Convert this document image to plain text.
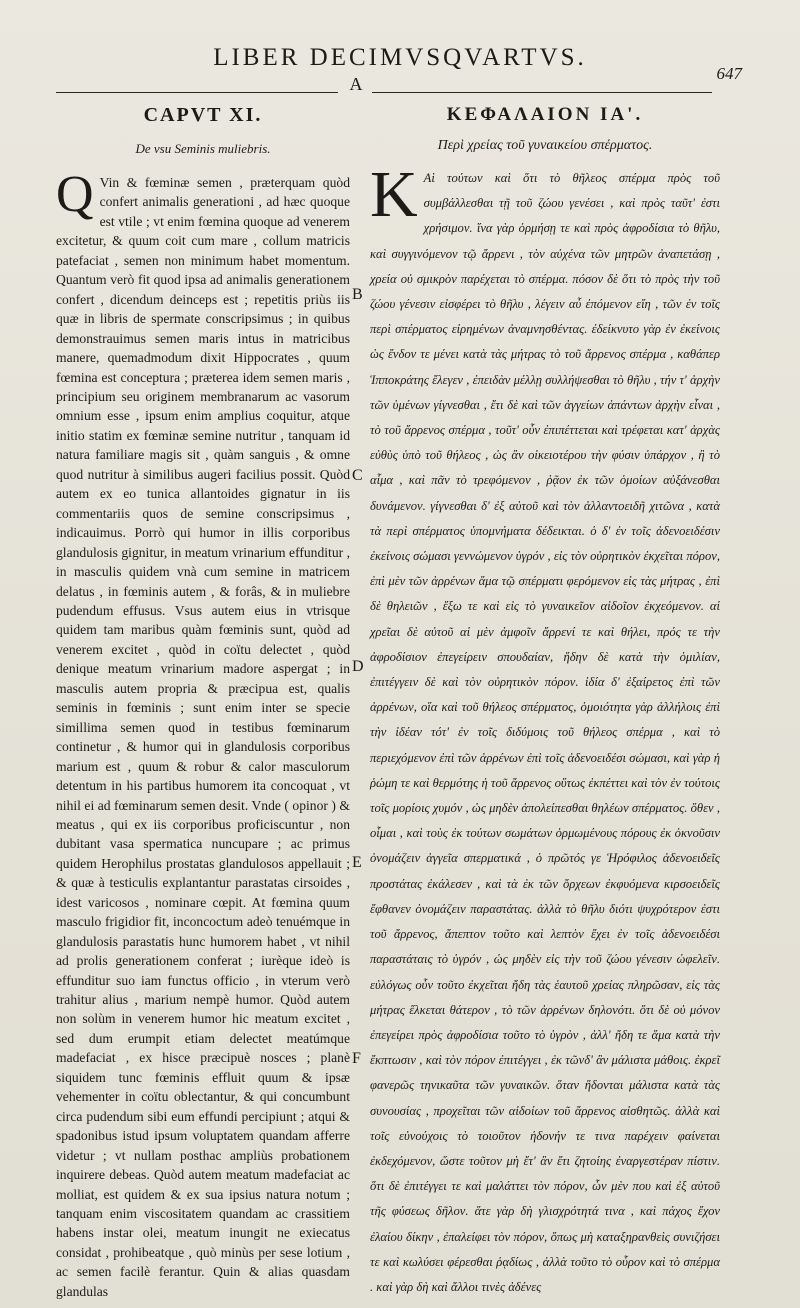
LIBER DECIMVSQVARTVS.
647
A
CAPVT XI.
De vsu Seminis muliebris.
Q Vin & fœminæ semen , præterquam quòd confert animalis generationi , ad hæc quoque est vtile ; vt enim fœmina quoque ad venerem excitetur, & quum coit cum mare , collum matricis patefaciat , semen non minimum habet momentum. Quantum verò fit quod ipsa ad animalis generationem confert , dicendum deinceps est ; repetitis priùs iis quæ in libris de spermate conscripsimus ; in quibus demonstrauimus semen maris intus in matricibus manere, quemadmodum dixit Hippocrates , quum fœmina est conceptura ; præterea idem semen maris , principium seu originem membranarum ac vasorum omnium esse , ipsum enim amplius coquitur, atque initio statim ex fœminæ semine nutritur , tanquam id natura familiare magis sit , quàm sanguis , & omne quod nutritur à similibus augeri facilius possit. Quòd autem ex eo tunica allantoides gignatur in iis commentariis quos de semine conscripsimus , indicauimus. Porrò qui humor in illis corporibus glandulosis gignitur, in meatum vrinarium effunditur , in masculis quidem vnà cum semine in matricem delatus , in fœminis autem , & forâs, & in muliebre pudendum effusus. Vsus autem eius in vtrisque quidem tam maribus quàm fœminis sunt, quòd ad venerem excitet , quòd in coïtu delectet , quòd denique meatum vrinarium madore aspergat ; in masculis autem propria & præcipua est, qualis seminis in fœminis ; sunt enim inter se specie simillima semen quod in testibus fœminarum continetur , & humor qui in glandulosis corporibus marium est , quum & robur & calor masculorum detentum in his partibus humorem ita concoquat , vt nihil ei ad fœminarum semen desit. Vnde ( opinor ) & meatus , qui ex iis corporibus proficiscuntur , non dubitant vasa spermatica nuncupare ; ac primus quidem Herophilus prostatas glandulosos appellauit ; & quæ à testiculis explantantur parastatas cirsoides , idest varicosos , nominare cœpit. At fœmina quum masculo frigidior fit, inconcoctum adeò tenuémque in glandulosis parastatis hunc humorem habet , vt nihil ad prolis generationem conferat ; iurèque ideò is effunditur suo iam functus officio , in vterum verò trahitur alius , marium nempè humor. Quòd autem non solùm in venerem humor hic meatum excitet , sed dum erumpit etiam delectet meatúmque madefaciat , ex hisce præcipuè nosces ; planè siquidem tunc fœminis effluit quum & ipsæ vehementer in coïtu oblectantur, & qui concumbunt circa pudendum sibi eum effundi percipiunt ; atqui & spadonibus istud ipsum voluptatem quandam afferre videtur ; vt nullam posthac ampliùs probationem inquirere debeas. Quòd autem meatum madefaciat ac molliat, est quidem & ex sua ipsius natura notum ; tanquam enim viscositatem quandam ac crassitiem habens instar olei, meatum inungit ne exiecatus considat , prohibeatque , quò minùs per sese lotium , ac semen facilè ferantur. Quin & alias quasdam glandulas

B
C
D
E
F
ΚΕΦΑΛΑΙΟΝ ΙΑ'.
Περὶ χρείας τοῦ γυναικείου σπέρματος.
Κ Αὶ τούτων καὶ ὅτι τὸ θῆλεος σπέρμα πρὸς τοῦ συμβάλλεσθαι τῇ τοῦ ζώου γενέσει , καὶ πρὸς ταῦτ' ἐστι χρήσιμον. ἵνα γὰρ ὁρμήσῃ τε καὶ πρὸς ἀφροδίσια τὸ θῆλυ, καὶ συγγινόμενον τῷ ἄρρενι , τὸν αὐχένα τῶν μητρῶν ἀναπετάσῃ , χρεία οὐ σμικρὸν παρέχεται τὸ σπέρμα. πόσον δὲ ὅτι τὸ πρὸς τὴν τοῦ ζώου γένεσιν εἰσφέρει τὸ θῆλυ , λέγειν αὖ ἐπόμενον εἴη , τῶν ἐν τοῖς περὶ σπέρματος εἰρημένων ἀναμνησθέντας. ἐδείκνυτο γὰρ ἐν ἐκείνοις ὡς ἔνδον τε μένει κατὰ τὰς μήτρας τὸ τοῦ ἄρρενος σπέρμα , καθάπερ Ἱπποκράτης ἔλεγεν , ἐπειδὰν μέλλῃ συλλήψεσθαι τὸ θῆλυ , τήν τ' ἀρχὴν τῶν ὑμένων γίγνεσθαι , ἔτι δὲ καὶ τῶν ἀγγείων ἁπάντων ἀρχὴν εἶναι , τὸ τοῦ ἄρρενος σπέρμα , τοῦτ' οὖν ἐπιπέττεται καὶ τρέφεται κατ' ἀρχὰς εὐθὺς ὑπὸ τοῦ θήλεος , ὡς ἂν οἰκειοτέρου τὴν φύσιν ὑπάρχον , ἢ τὸ αἷμα , καὶ πᾶν τὸ τρεφόμενον , ῥᾷον ἐκ τῶν ὁμοίων αὐξάνεσθαι δυνάμενον. γίγνεσθαι δ' ἐξ αὐτοῦ καὶ τὸν ἀλλαντοειδῆ χιτῶνα , κατὰ τὰ περὶ σπέρματος ὑπομνήματα δέδεικται. ὁ δ' ἐν τοῖς ἀδενοειδέσιν ἐκείνοις σώμασι γεννώμενον ὑγρόν , εἰς τὸν οὐρητικὸν ἐκχεῖται πόρον, ἐπὶ μὲν τῶν ἀρρένων ἅμα τῷ σπέρματι φερόμενον εἰς τὰς μήτρας , ἐπὶ δὲ θηλειῶν , ἔξω τε καὶ εἰς τὸ γυναικεῖον αἰδοῖον ἐκχεόμενον. αἱ χρεῖαι δὲ αὐτοῦ αἱ μὲν ἀμφοῖν ἄρρενί τε καὶ θήλει, πρός τε τὴν ἀφροδίσιον ἐπεγείρειν σπουδαίαν, ἥδην δὲ κατὰ τὴν ὁμιλίαν, ἐπιτέγγειν δὲ καὶ τὸν οὐρητικὸν πόρον. ἰδία δ' ἐξαίρετος ἐπὶ τῶν ἀρρένων, οἵα καὶ τοῦ θήλεος σπέρματος, ὁμοιότητα γὰρ ἀλλήλοις ἐπὶ τὴν ἰδέαν τότ' ἐν τοῖς διδύμοις τοῦ θήλεος σπέρμα , καὶ τὸ περιεχόμενον ἐπὶ τῶν ἀρρένων ἐπὶ τοῖς ἀδενοειδέσι σώμασι, καὶ γὰρ ἡ ῥώμη τε καὶ θερμότης ἡ τοῦ ἄρρενος οὕτως ἐκπέττει καὶ τὸν ἐν τούτοις τοῖς μορίοις χυμόν , ὡς μηδὲν ἀπολείπεσθαι θηλέων σπέρματος. ὅθεν , οἶμαι , καὶ τοὺς ἐκ τούτων σωμάτων ὁρμωμένους πόρους ἐκ ὀκνοῦσιν ὀνομάζειν ἀγγεῖα σπερματικά , ὁ πρῶτός γε Ἡρόφιλος ἀδενοειδεῖς προστάτας ἐκάλεσεν , καὶ τὰ ἐκ τῶν ὄρχεων ἐκφυόμενα κιρσοειδεῖς ἔφθανεν ὀνομάζειν παραστάτας. ἀλλὰ τὸ θῆλυ διότι ψυχρότερον ἐστι τοῦ ἄρρενος, ἄπεπτον τοῦτο καὶ λεπτὸν ἔχει ἐν τοῖς ἀδενοειδέσι παραστάταις τὸ ὑγρόν , ὡς μηδὲν εἰς τὴν τοῦ ζώου γένεσιν ὠφελεῖν. εὐλόγως οὖν τοῦτο ἐκχεῖται ἤδη τὰς ἑαυτοῦ χρείας πληρῶσαν, εἰς τὰς μήτρας ἕλκεται θάτερον , τὸ τῶν ἀρρένων δηλονότι. ὅτι δὲ οὐ μόνον ἐπεγείρει πρὸς ἀφροδίσια τοῦτο τὸ ὑγρὸν , ἀλλ' ἤδη τε ἅμα κατὰ τὴν ἔκπτωσιν , καὶ τὸν πόρον ἐπιτέγγει , ἐκ τῶνδ' ἂν μάλιστα μάθοις. ἐκρεῖ φανερῶς τηνικαῦτα τῶν γυναικῶν. ὅταν ἥδονται μάλιστα κατὰ τὰς συνουσίας , προχεῖται τῶν αἰδοίων τοῦ ἄρρενος αἰσθητῶς. ἀλλὰ καὶ τοῖς εὐνούχοις τὸ τοιοῦτον ἡδονήν τε τινα παρέχειν φαίνεται ἐκδεχόμενον, ὥστε τοῦτον μὴ ἔτ' ἂν ἔτι ζητοίης ἐναργεστέραν πίστιν. ὅτι δὲ ἐπιτέγγει τε καὶ μαλάττει τὸν πόρον, ὧν μὲν που καὶ ἐξ αὐτοῦ τῆς φύσεως δῆλον. ἅτε γὰρ δὴ γλισχρότητά τινα , καὶ πάχος ἔχον ἐλαίου δίκην , ἐπαλείφει τὸν πόρον, ὅπως μὴ καταξηρανθεὶς συνιζήσει τε καὶ κωλύσει φέρεσθαι ῥᾳδίως , ἀλλὰ τοῦτο τὸ οὖρον καὶ τὸ σπέρμα . καὶ γὰρ δὴ καὶ ἄλλοι τινὲς ἀδένες
